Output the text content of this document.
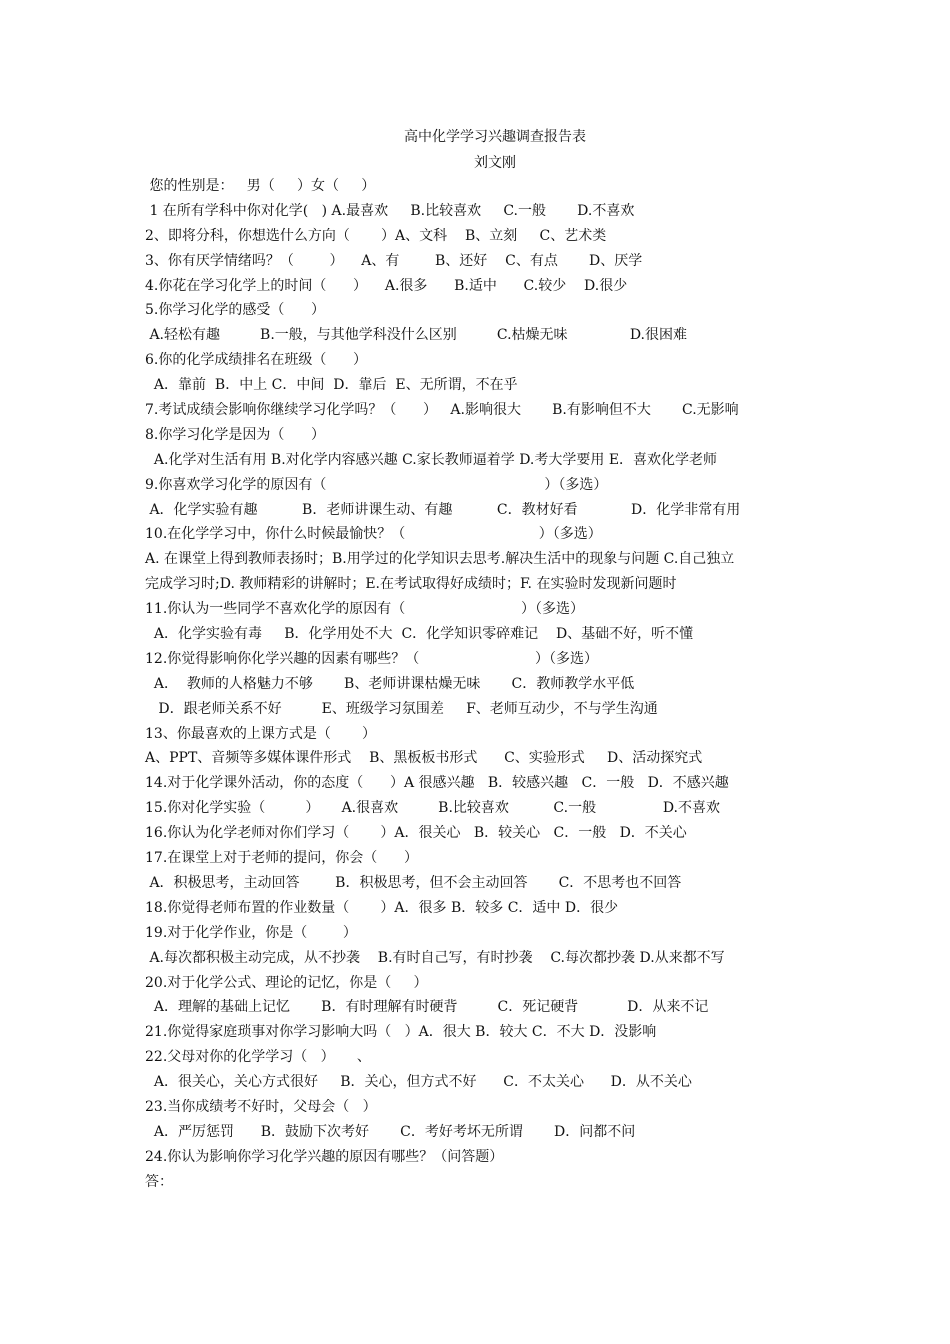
高中化学学习兴趣调查报告表
刘文刚
您的性别是：   男（     ）女（     ）
1 在所有学科中你对化学(   ) A.最喜欢     B.比较喜欢     C.一般       D.不喜欢
2、即将分科，你想选什么方向（       ）A、文科    B、立刻     C、艺术类
3、你有厌学情绪吗？（        ）    A、有        B、还好    C、有点       D、厌学
4.你花在学习化学上的时间（      ）    A.很多      B.适中      C.较少    D.很少
5.你学习化学的感受（      ）
A.轻松有趣         B.一般，与其他学科没什么区别         C.枯燥无味              D.很困难
6.你的化学成绩排名在班级（      ）
A．靠前  B．中上 C．中间  D．靠后  E、无所谓，不在乎
7.考试成绩会影响你继续学习化学吗？（      ）   A.影响很大       B.有影响但不大       C.无影响
8.你学习化学是因为（      ）
A.化学对生活有用 B.对化学内容感兴趣 C.家长教师逼着学 D.考大学要用 E．喜欢化学老师
9.你喜欢学习化学的原因有（                                                 ）（多选）
A．化学实验有趣          B．老师讲课生动、有趣          C．教材好看            D．化学非常有用
10.在化学学习中，你什么时候最愉快？（                              ）（多选）
A. 在课堂上得到教师表扬时；B.用学过的化学知识去思考.解决生活中的现象与问题 C.自己独立
完成学习时;D. 教师精彩的讲解时；E.在考试取得好成绩时；F. 在实验时发现新问题时
11.你认为一些同学不喜欢化学的原因有（                          ）（多选）
A．化学实验有毒     B．化学用处不大  C．化学知识零碎难记    D、基础不好，听不懂
12.你觉得影响你化学兴趣的因素有哪些？（                          ）（多选）
A．  教师的人格魅力不够       B、老师讲课枯燥无味       C．教师教学水平低
D．跟老师关系不好         E、班级学习氛围差     F、老师互动少，不与学生沟通
13、你最喜欢的上课方式是（       ）
A、PPT、音频等多媒体课件形式    B、黑板板书形式      C、实验形式     D、活动探究式
14.对于化学课外活动，你的态度（      ）A 很感兴趣   B．较感兴趣   C．一般   D．不感兴趣
15.你对化学实验（         ）     A.很喜欢         B.比较喜欢          C.一般               D.不喜欢
16.你认为化学老师对你们学习（       ）A．很关心   B．较关心   C．一般   D．不关心
17.在课堂上对于老师的提问，你会（      ）
A．积极思考，主动回答        B．积极思考，但不会主动回答       C．不思考也不回答
18.你觉得老师布置的作业数量（       ）A．很多 B．较多 C．适中 D．很少
19.对于化学作业，你是（        ）
A.每次都积极主动完成，从不抄袭    B.有时自己写，有时抄袭    C.每次都抄袭 D.从来都不写
20.对于化学公式、理论的记忆，你是（     ）
A．理解的基础上记忆       B．有时理解有时硬背         C．死记硬背           D．从来不记
21.你觉得家庭琐事对你学习影响大吗（   ）A．很大 B．较大 C．不大 D．没影响
22.父母对你的化学学习（   ）     、
A．很关心，关心方式很好     B．关心，但方式不好      C．不太关心      D．从不关心
23.当你成绩考不好时，父母会（   ）
A．严厉惩罚      B．鼓励下次考好       C．考好考坏无所谓       D．问都不问
24.你认为影响你学习化学兴趣的原因有哪些？（问答题）
答：
